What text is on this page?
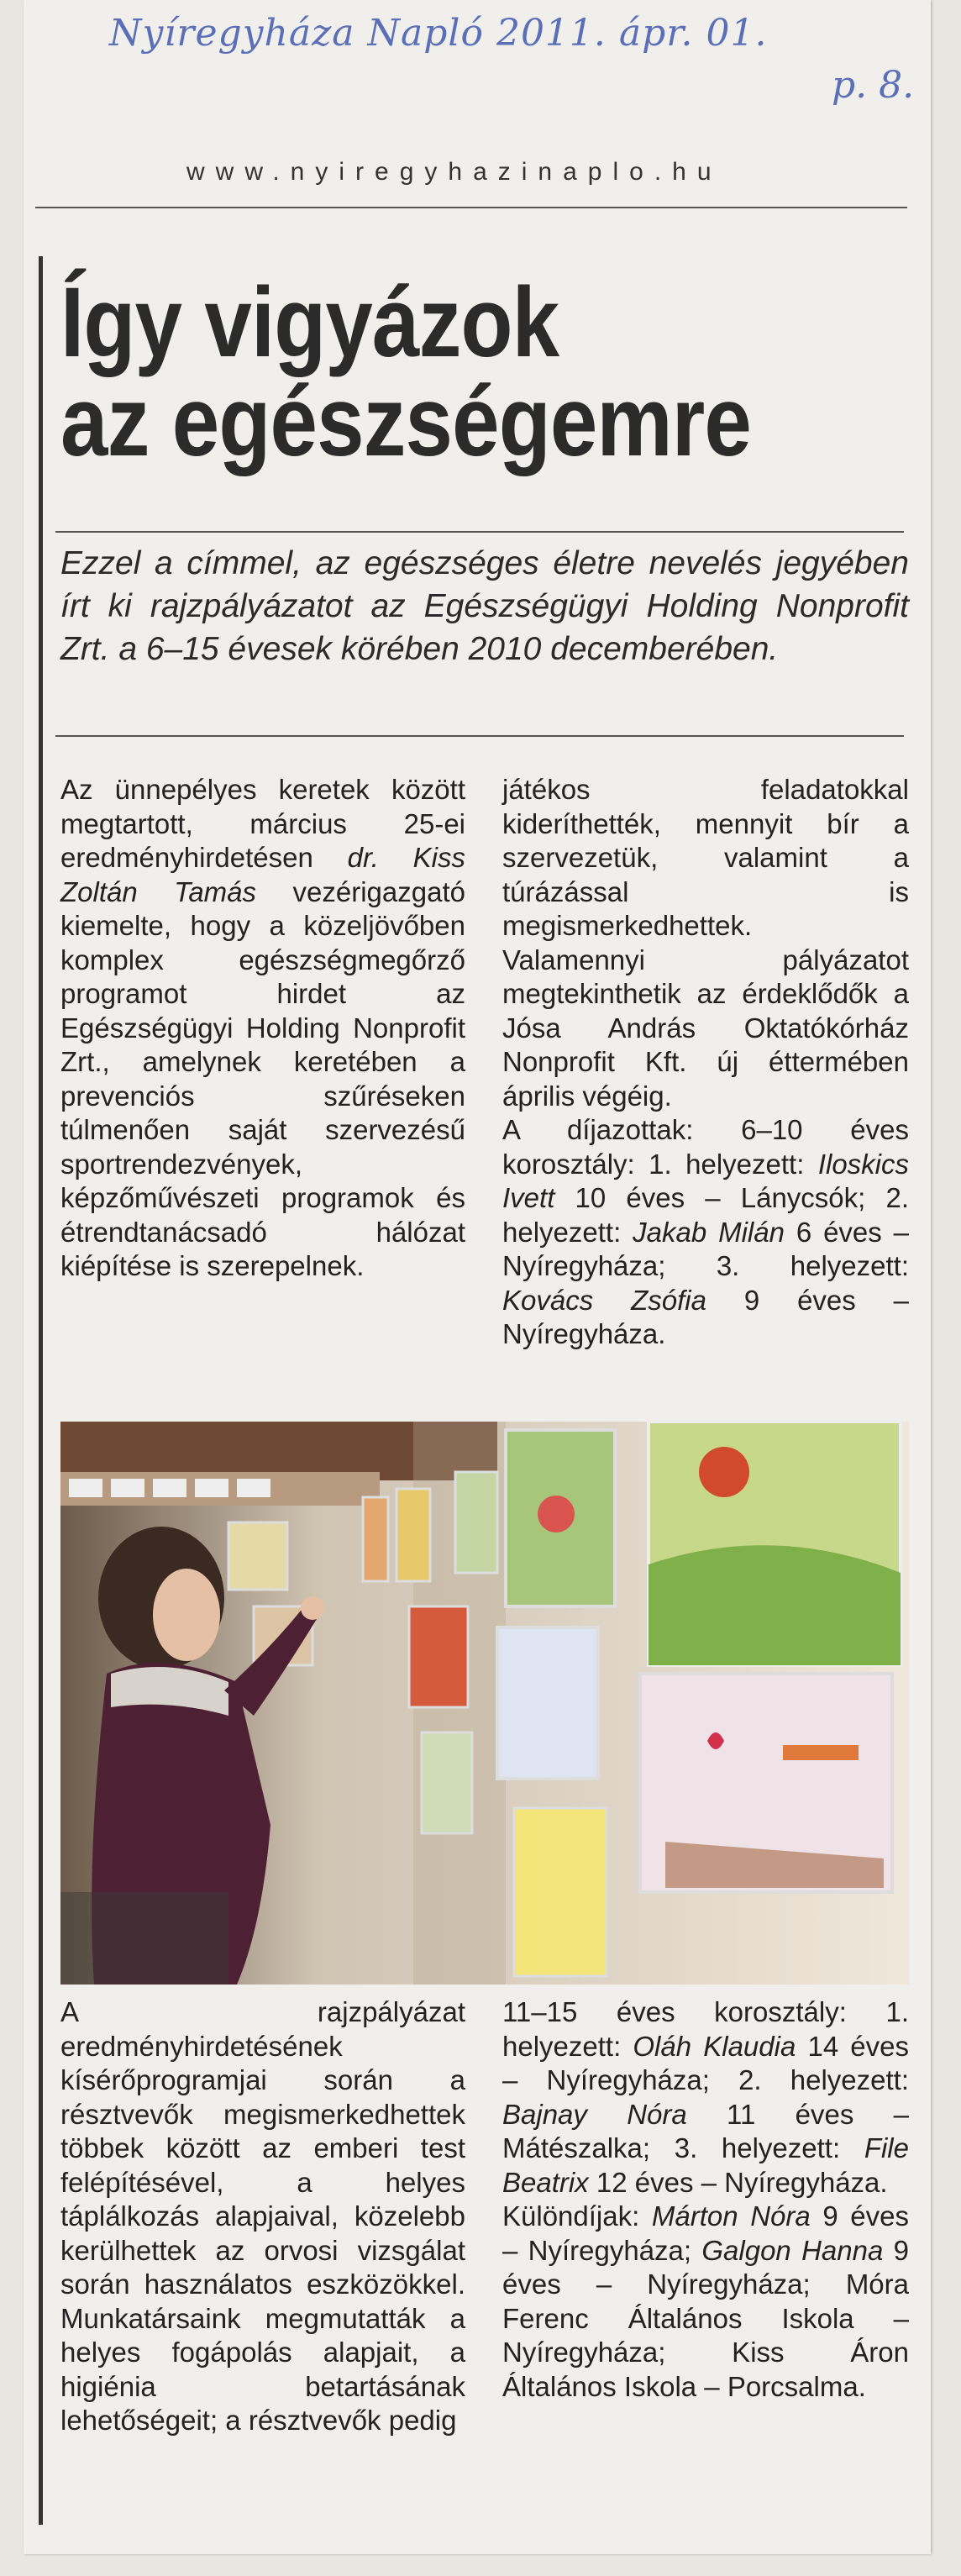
Nyíregyháza Napló 2011. ápr. 01.
p. 8.
www.nyiregyhazinaplo.hu
Így vigyázok
az egészségemre
Ezzel a címmel, az egészséges életre nevelés jegyében írt ki rajzpályázatot az Egészségügyi Holding Nonprofit Zrt. a 6–15 évesek körében 2010 decemberében.

Az ünnepélyes keretek között megtartott, március 25-ei eredményhirdetésen dr. Kiss Zoltán Tamás vezérigazgató kiemelte, hogy a közeljövőben komplex egészségmegőrző programot hirdet az Egészségügyi Holding Nonprofit Zrt., amelynek keretében a prevenciós szűréseken túlmenően saját szervezésű sportrendezvények, képzőművészeti programok és étrendtanácsadó hálózat kiépítése is szerepelnek.

játékos feladatokkal kideríthették, mennyit bír a szervezetük, valamint a túrázással is megismerkedhettek.

Valamennyi pályázatot megtekinthetik az érdeklődők a Jósa András Oktatókórház Nonprofit Kft. új éttermében április végéig.

A díjazottak: 6–10 éves korosztály: 1. helyezett: Iloskics Ivett 10 éves – Lánycsók; 2. helyezett: Jakab Milán 6 éves – Nyíregyháza; 3. helyezett: Kovács Zsófia 9 éves – Nyíregyháza.

A rajzpályázat eredményhirdetésének kísérőprogramjai során a résztvevők megismerkedhettek többek között az emberi test felépítésével, a helyes táplálkozás alapjaival, közelebb kerülhettek az orvosi vizsgálat során használatos eszközökkel. Munkatársaink megmutatták a helyes fogápolás alapjait, a higiénia betartásának lehetőségeit; a résztvevők pedig

11–15 éves korosztály: 1. helyezett: Oláh Klaudia 14 éves – Nyíregyháza; 2. helyezett: Bajnay Nóra 11 éves – Mátészalka; 3. helyezett: File Beatrix 12 éves – Nyíregyháza.

Különdíjak: Márton Nóra 9 éves – Nyíregyháza; Galgon Hanna 9 éves – Nyíregyháza; Móra Ferenc Általános Iskola – Nyíregyháza; Kiss Áron Általános Iskola – Porcsalma.
